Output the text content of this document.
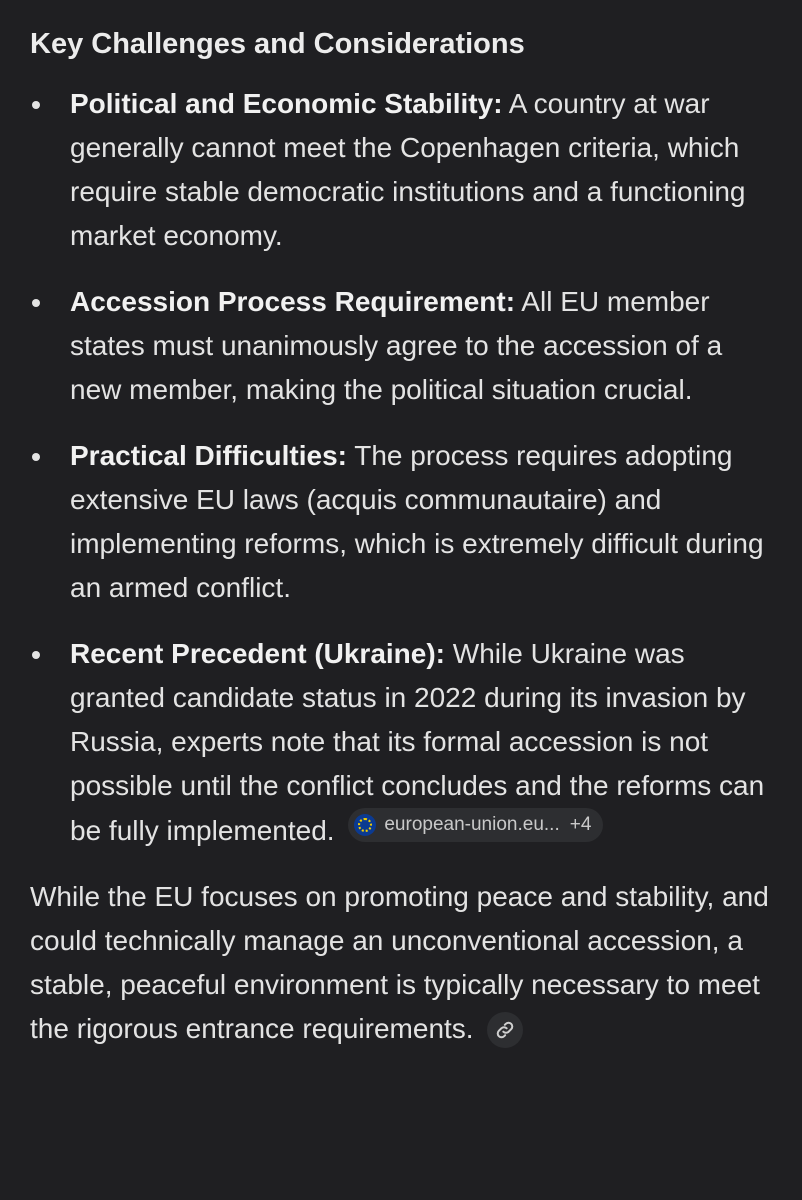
Key Challenges and Considerations
Political and Economic Stability: A country at war generally cannot meet the Copenhagen criteria, which require stable democratic institutions and a functioning market economy.
Accession Process Requirement: All EU member states must unanimously agree to the accession of a new member, making the political situation crucial.
Practical Difficulties: The process requires adopting extensive EU laws (acquis communautaire) and implementing reforms, which is extremely difficult during an armed conflict.
Recent Precedent (Ukraine): While Ukraine was granted candidate status in 2022 during its invasion by Russia, experts note that its formal accession is not possible until the conflict concludes and the reforms can be fully implemented.	european-union.eu... +4

While the EU focuses on promoting peace and stability, and could technically manage an unconventional accession, a stable, peaceful environment is typically necessary to meet the rigorous entrance requirements.
